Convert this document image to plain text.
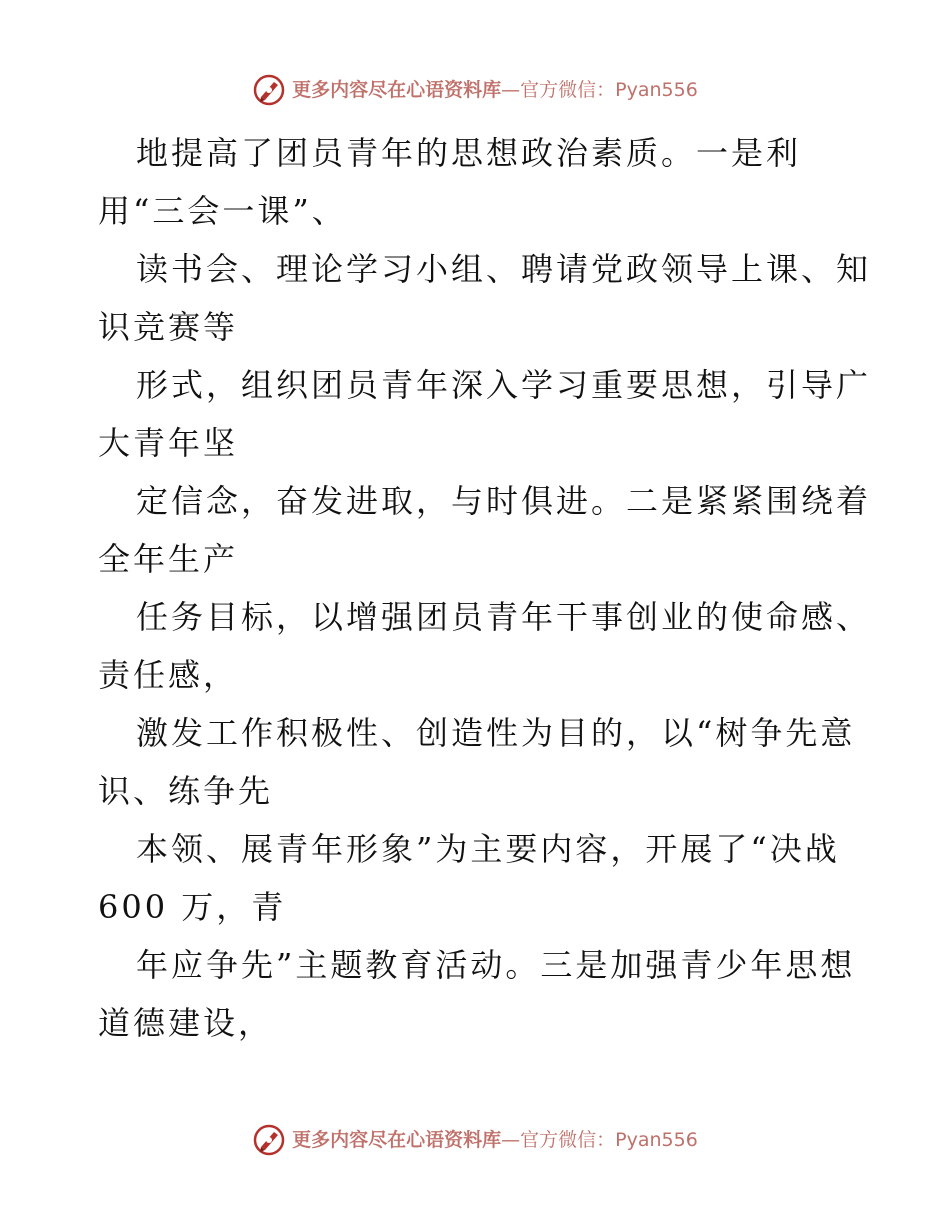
更多内容尽在心语资料库—官方微信：Pyan556
地提高了团员青年的思想政治素质。一是利
用“三会一课”、
读书会、理论学习小组、聘请党政领导上课、知
识竞赛等
形式，组织团员青年深入学习重要思想，引导广
大青年坚
定信念，奋发进取，与时俱进。二是紧紧围绕着
全年生产
任务目标，以增强团员青年干事创业的使命感、
责任感，
激发工作积极性、创造性为目的，以“树争先意
识、练争先
本领、展青年形象”为主要内容，开展了“决战
600 万，青
年应争先”主题教育活动。三是加强青少年思想
道德建设，
更多内容尽在心语资料库—官方微信：Pyan556
